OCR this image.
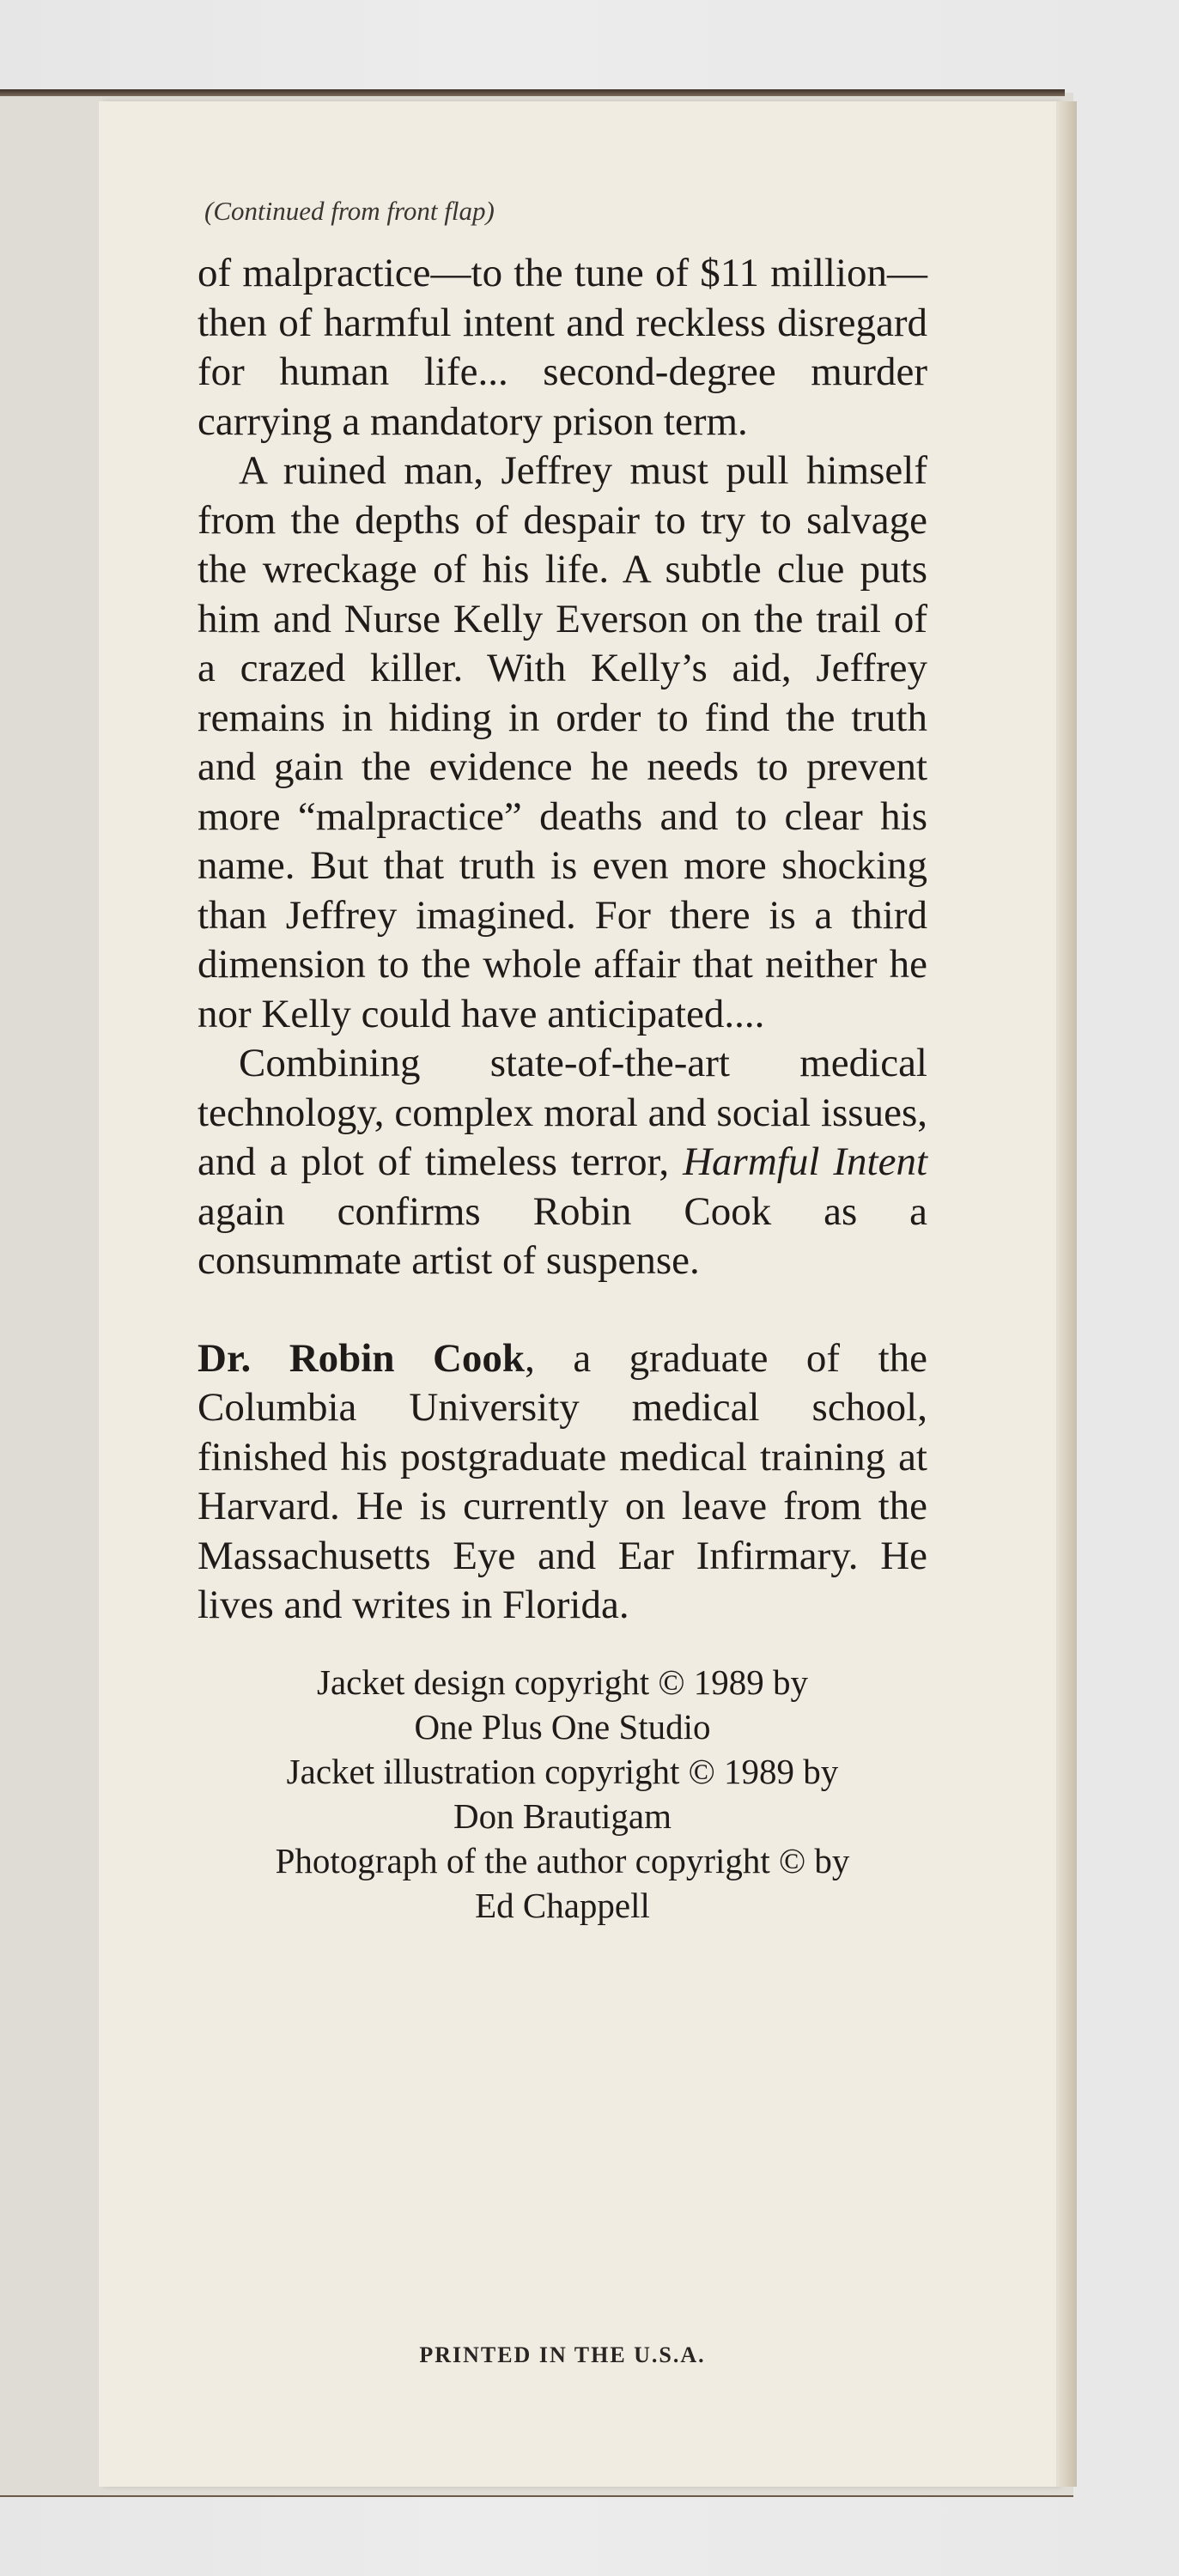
(Continued from front flap)

of malpractice—to the tune of $11 million—then of harmful intent and reckless disregard for human life... second-degree murder carrying a mandatory prison term.

A ruined man, Jeffrey must pull himself from the depths of despair to try to salvage the wreckage of his life. A subtle clue puts him and Nurse Kelly Everson on the trail of a crazed killer. With Kelly’s aid, Jeffrey remains in hiding in order to find the truth and gain the evidence he needs to prevent more “malpractice” deaths and to clear his name. But that truth is even more shocking than Jeffrey imagined. For there is a third dimension to the whole affair that neither he nor Kelly could have anticipated....

Combining state-of-the-art medical technology, complex moral and social issues, and a plot of timeless terror, Harmful Intent again confirms Robin Cook as a consummate artist of suspense.

Dr. Robin Cook, a graduate of the Columbia University medical school, finished his postgraduate medical training at Harvard. He is currently on leave from the Massachusetts Eye and Ear Infirmary. He lives and writes in Florida.

Jacket design copyright © 1989 by
One Plus One Studio
Jacket illustration copyright © 1989 by
Don Brautigam
Photograph of the author copyright © by
Ed Chappell
PRINTED IN THE U.S.A.
